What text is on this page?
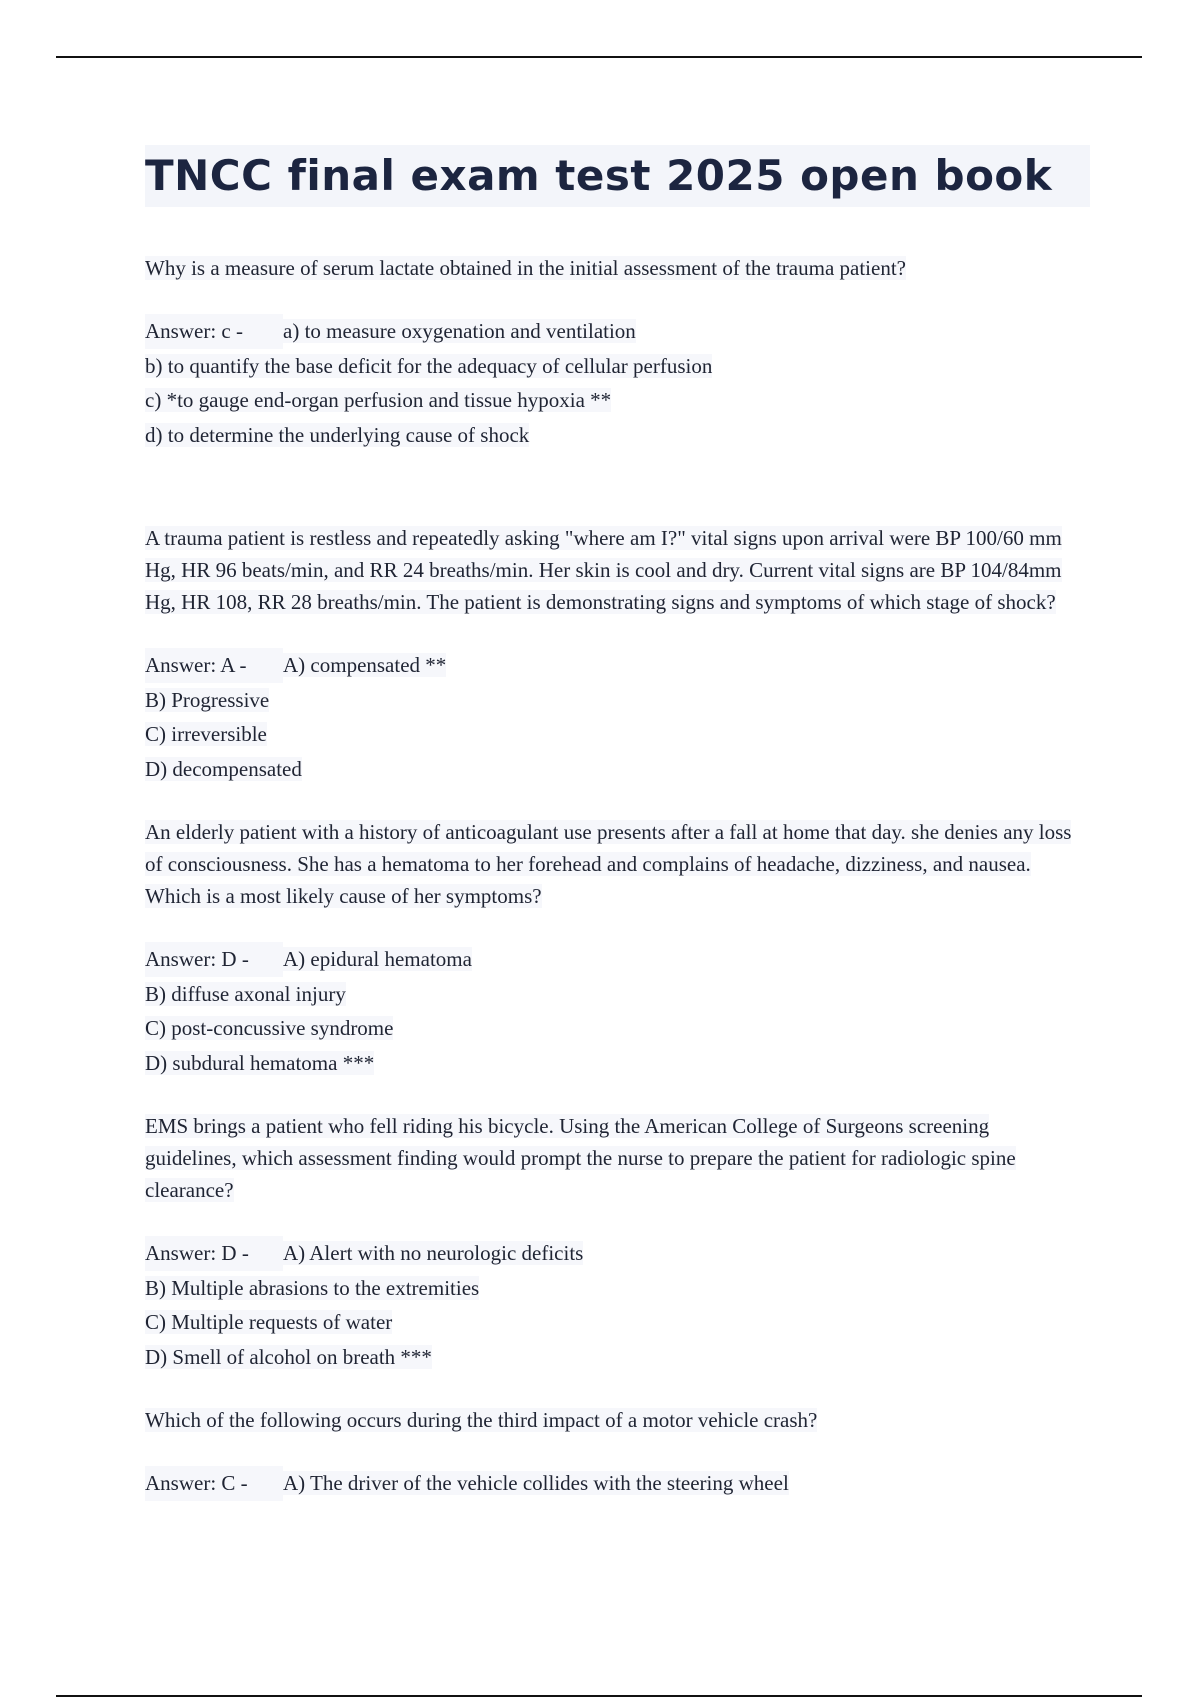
TNCC final exam test 2025 open book
Why is a measure of serum lactate obtained in the initial assessment of the trauma patient?
Answer: c - a) to measure oxygenation and ventilation
b) to quantify the base deficit for the adequacy of cellular perfusion
c) *to gauge end-organ perfusion and tissue hypoxia **
d) to determine the underlying cause of shock
A trauma patient is restless and repeatedly asking "where am I?" vital signs upon arrival were BP 100/60 mm Hg, HR 96 beats/min, and RR 24 breaths/min. Her skin is cool and dry. Current vital signs are BP 104/84mm Hg, HR 108, RR 28 breaths/min. The patient is demonstrating signs and symptoms of which stage of shock?
Answer: A - A) compensated **
B) Progressive
C) irreversible
D) decompensated
An elderly patient with a history of anticoagulant use presents after a fall at home that day. she denies any loss of consciousness. She has a hematoma to her forehead and complains of headache, dizziness, and nausea. Which is a most likely cause of her symptoms?
Answer: D - A) epidural hematoma
B) diffuse axonal injury
C) post-concussive syndrome
D) subdural hematoma ***
EMS brings a patient who fell riding his bicycle. Using the American College of Surgeons screening guidelines, which assessment finding would prompt the nurse to prepare the patient for radiologic spine clearance?
Answer: D - A) Alert with no neurologic deficits
B) Multiple abrasions to the extremities
C) Multiple requests of water
D) Smell of alcohol on breath ***
Which of the following occurs during the third impact of a motor vehicle crash?
Answer: C - A) The driver of the vehicle collides with the steering wheel
